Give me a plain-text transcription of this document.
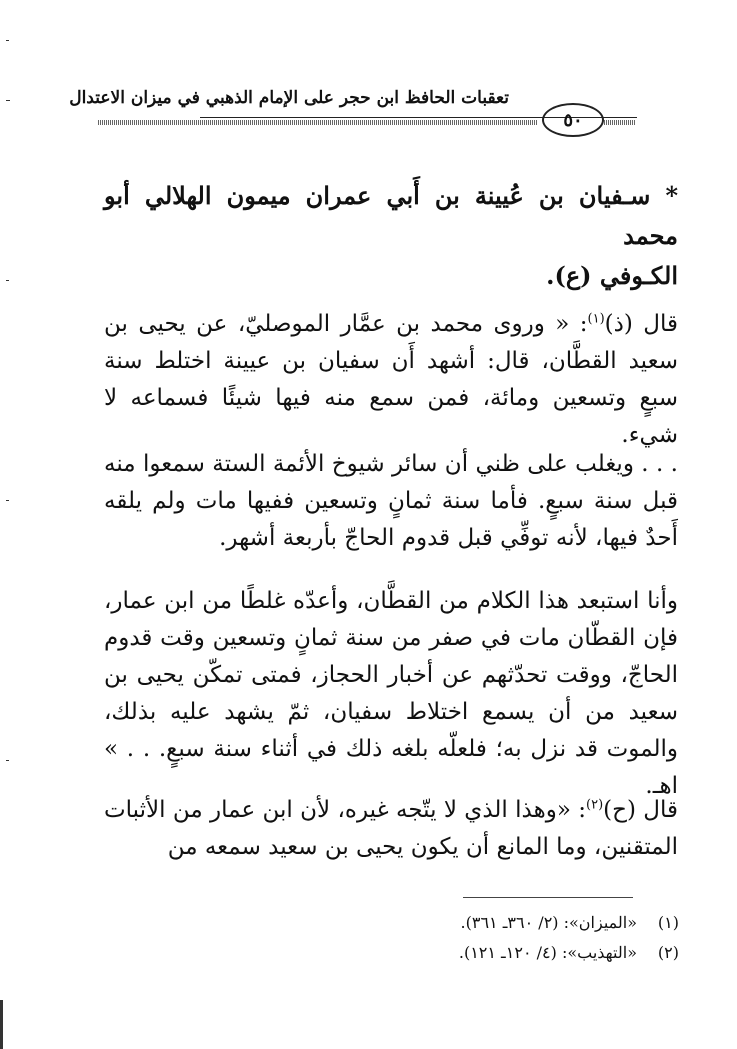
تعقبات الحافظ ابن حجر على الإمام الذهبي في ميزان الاعتدال
٥٠

* سـفيان بن عُيينة بن أَبي عمران ميمون الهلالي أبو محمد

الكـوفي (ع).

قال (ذ)$^{(١)}$: « وروى محمد بن عمَّار الموصليّ، عن يحيى بن سعيد القطَّان، قال: أشهد أَن سفيان بن عيينة اختلط سنة سبعٍ وتسعين ومائة، فمن سمع منه فيها شيئًا فسماعه لا شيء.

. . . ويغلب على ظني أن سائر شيوخ الأئمة الستة سمعوا منه قبل سنة سبعٍ. فأما سنة ثمانٍ وتسعين ففيها مات ولم يلقه أَحدٌ فيها، لأنه توفِّي قبل قدوم الحاجّ بأربعة أشهر.

وأنا استبعد هذا الكلام من القطَّان، وأعدّه غلطًا من ابن عمار، فإن القطّان مات في صفر من سنة ثمانٍ وتسعين وقت قدوم الحاجّ، ووقت تحدّثهم عن أخبار الحجاز، فمتى تمكّن يحيى بن سعيد من أن يسمع اختلاط سفيان، ثمّ يشهد عليه بذلك، والموت قد نزل به؛ فلعلّه بلغه ذلك في أثناء سنة سبعٍ. . . » اهـ.

قال (ح)$^{(٢)}$: «وهذا الذي لا يتّجه غيره، لأن ابن عمار من الأثبات المتقنين، وما المانع أن يكون يحيى بن سعيد سمعه من

(١)«الميزان»: (٢/ ٣٦٠ـ ٣٦١).
(٢)«التهذيب»: (٤/ ١٢٠ـ ١٢١).
